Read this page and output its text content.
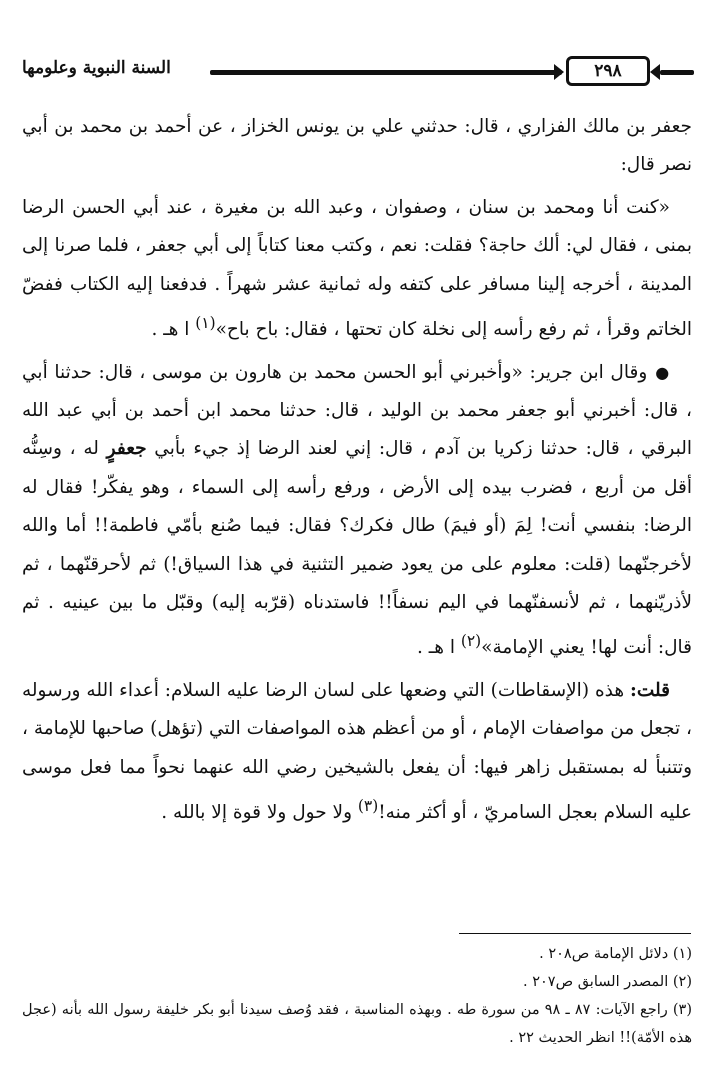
السنة النبوية وعلومها	٢٩٨

جعفر بن مالك الفزاري ، قال: حدثني علي بن يونس الخزاز ، عن أحمد بن محمد بن أبي نصر قال:

«كنت أنا ومحمد بن سنان ، وصفوان ، وعبد الله بن مغيرة ، عند أبي الحسن الرضا بمنى ، فقال لي: ألك حاجة؟ فقلت: نعم ، وكتب معنا كتاباً إلى أبي جعفر ، فلما صرنا إلى المدينة ، أخرجه إلينا مسافر على كتفه وله ثمانية عشر شهراً . فدفعنا إليه الكتاب ففضّ الخاتم وقرأ ، ثم رفع رأسه إلى نخلة كان تحتها ، فقال: باح باح»$^{(١)}$ ا هـ .

●وقال ابن جرير: «وأخبرني أبو الحسن محمد بن هارون بن موسى ، قال: حدثنا أبي ، قال: أخبرني أبو جعفر محمد بن الوليد ، قال: حدثنا محمد ابن أحمد بن أبي عبد الله البرقي ، قال: حدثنا زكريا بن آدم ، قال: إني لعند الرضا إذ جيء بأبي جعفرٍ له ، وسِنُّه أقل من أربع ، فضرب بيده إلى الأرض ، ورفع رأسه إلى السماء ، وهو يفكّر! فقال له الرضا: بنفسي أنت! لِمَ (أو فيمَ) طال فكرك؟ فقال: فيما صُنع بأمّي فاطمة!! أما والله لأخرجنّهما (قلت: معلوم على من يعود ضمير التثنية في هذا السياق!) ثم لأحرقنّهما ، ثم لأذريّنهما ، ثم لأنسفنّهما في اليم نسفاً!! فاستدناه (قرّبه إليه) وقبّل ما بين عينيه . ثم قال: أنت لها! يعني الإمامة»$^{(٢)}$ ا هـ .

قلت: هذه (الإسقاطات) التي وضعها على لسان الرضا عليه السلام: أعداء الله ورسوله ، تجعل من مواصفات الإمام ، أو من أعظم هذه المواصفات التي (تؤهل) صاحبها للإمامة ، وتتنبأ له بمستقبل زاهر فيها: أن يفعل بالشيخين رضي الله عنهما نحواً مما فعل موسى عليه السلام بعجل السامريّ ، أو أكثر منه!$^{(٣)}$ ولا حول ولا قوة إلا بالله .

(١) دلائل الإمامة ص٢٠٨ .

(٢) المصدر السابق ص٢٠٧ .

(٣) راجع الآيات: ٨٧ ـ ٩٨ من سورة طه . وبهذه المناسبة ، فقد وُصف سيدنا أبو بكر خليفة رسول الله بأنه (عجل هذه الأمّة)!! انظر الحديث ٢٢ .
